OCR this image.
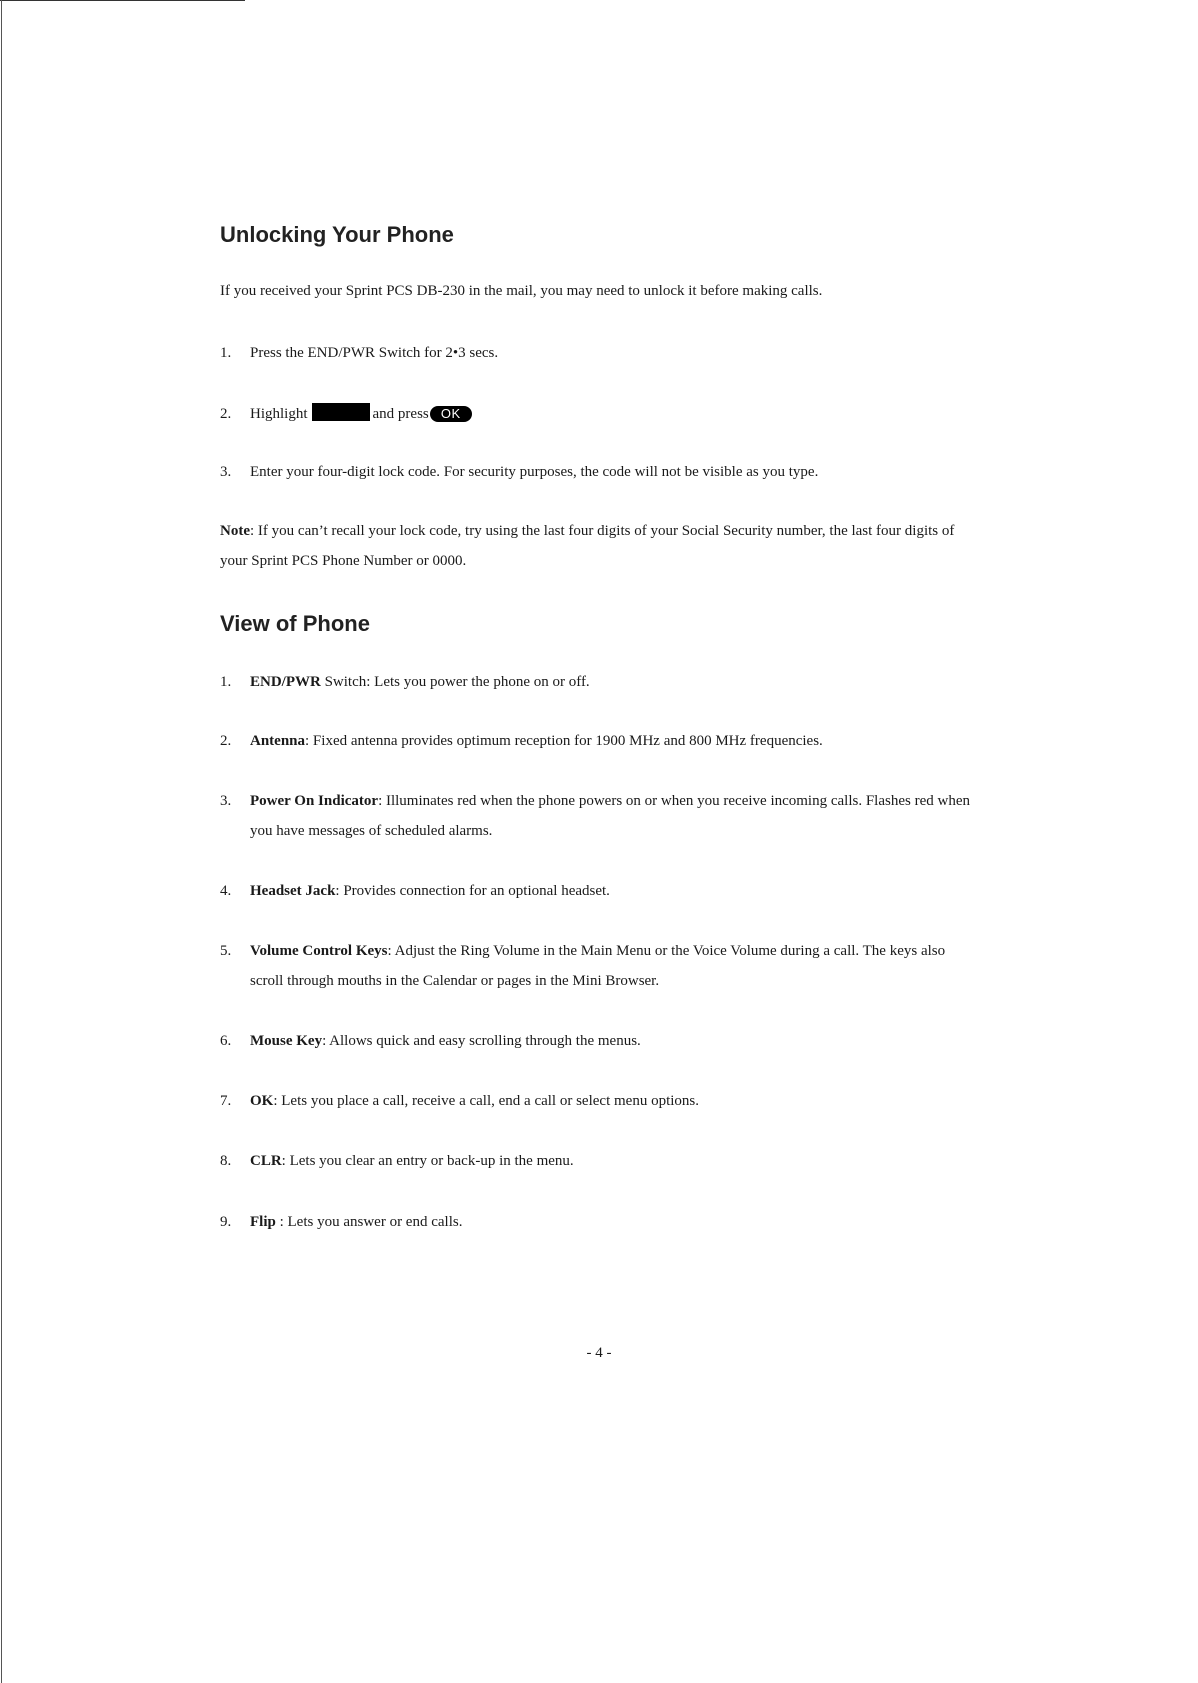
Unlocking Your Phone

If you received your Sprint PCS DB-230 in the mail, you may need to unlock it before making calls.

1.	Press the END/PWR Switch for 2•3 secs.
2.	Highlight	and press OK
3.	Enter your four-digit lock code. For security purposes, the code will not be visible as you type.

Note: If you can’t recall your lock code, try using the last four digits of your Social Security number, the last four digits of your Sprint PCS Phone Number or 0000.

View of Phone
1.	END/PWR Switch: Lets you power the phone on or off.
2.	Antenna: Fixed antenna provides optimum reception for 1900 MHz and 800 MHz frequencies.
3.	Power On Indicator: Illuminates red when the phone powers on or when you receive incoming calls. Flashes red when you have messages of scheduled alarms.
4.	Headset Jack: Provides connection for an optional headset.
5.	Volume Control Keys: Adjust the Ring Volume in the Main Menu or the Voice Volume during a call. The keys also scroll through mouths in the Calendar or pages in the Mini Browser.
6.	Mouse Key: Allows quick and easy scrolling through the menus.
7.	OK: Lets you place a call, receive a call, end a call or select menu options.
8.	CLR: Lets you clear an entry or back-up in the menu.
9.	Flip : Lets you answer or end calls.
- 4 -
